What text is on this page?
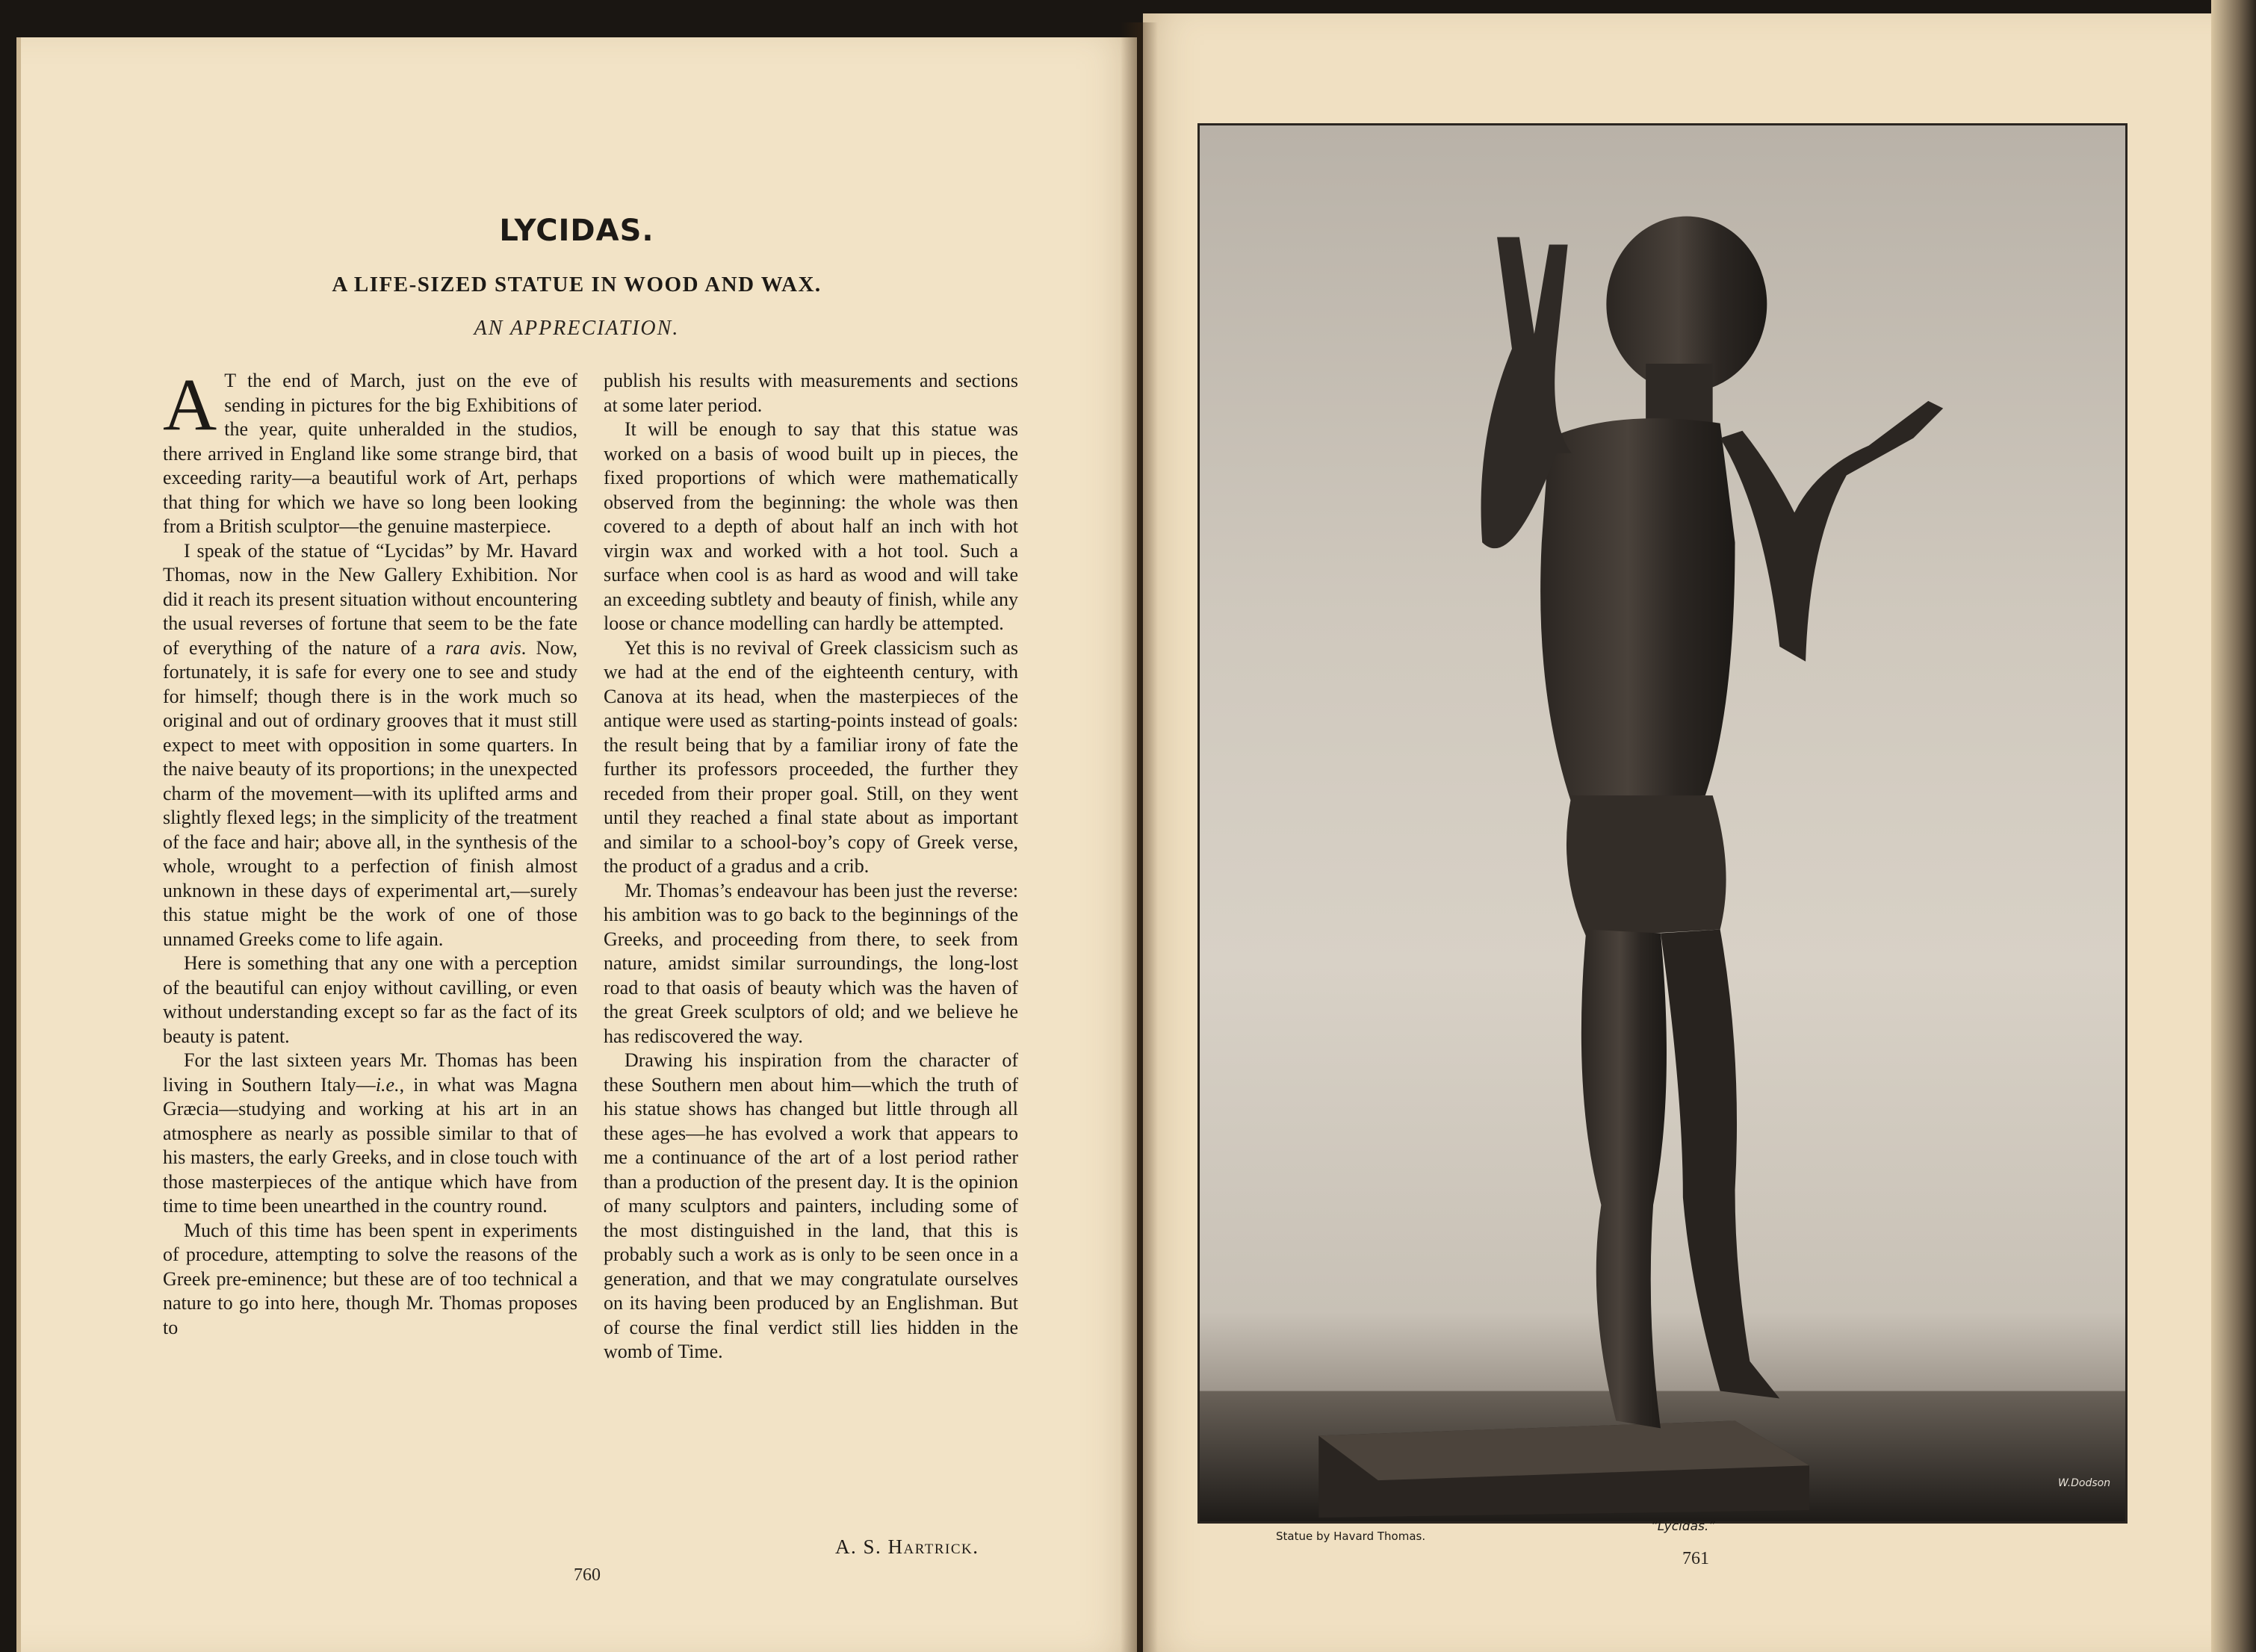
LYCIDAS.
A LIFE-SIZED STATUE IN WOOD AND WAX.
AN APPRECIATION.

A T the end of March, just on the eve of sending in pictures for the big Exhibitions of the year, quite unheralded in the studios, there arrived in England like some strange bird, that exceeding rarity—a beautiful work of Art, perhaps that thing for which we have so long been looking from a British sculptor—the genuine masterpiece.

I speak of the statue of “Lycidas” by Mr. Havard Thomas, now in the New Gallery Exhibition. Nor did it reach its present situation without encountering the usual reverses of fortune that seem to be the fate of everything of the nature of a rara avis. Now, fortunately, it is safe for every one to see and study for himself; though there is in the work much so original and out of ordinary grooves that it must still expect to meet with opposition in some quarters. In the naive beauty of its proportions; in the unexpected charm of the movement—with its uplifted arms and slightly flexed legs; in the simplicity of the treatment of the face and hair; above all, in the synthesis of the whole, wrought to a perfection of finish almost unknown in these days of experimental art,—surely this statue might be the work of one of those unnamed Greeks come to life again.

Here is something that any one with a perception of the beautiful can enjoy without cavilling, or even without understanding except so far as the fact of its beauty is patent.

For the last sixteen years Mr. Thomas has been living in Southern Italy—i.e., in what was Magna Græcia—studying and working at his art in an atmosphere as nearly as possible similar to that of his masters, the early Greeks, and in close touch with those masterpieces of the antique which have from time to time been unearthed in the country round.

Much of this time has been spent in experiments of procedure, attempting to solve the reasons of the Greek pre-eminence; but these are of too technical a nature to go into here, though Mr. Thomas proposes to

publish his results with measurements and sections at some later period.

It will be enough to say that this statue was worked on a basis of wood built up in pieces, the fixed proportions of which were mathematically observed from the beginning: the whole was then covered to a depth of about half an inch with hot virgin wax and worked with a hot tool. Such a surface when cool is as hard as wood and will take an exceeding subtlety and beauty of finish, while any loose or chance modelling can hardly be attempted.

Yet this is no revival of Greek classicism such as we had at the end of the eighteenth century, with Canova at its head, when the masterpieces of the antique were used as starting-points instead of goals: the result being that by a familiar irony of fate the further its professors proceeded, the further they receded from their proper goal. Still, on they went until they reached a final state about as important and similar to a school-boy’s copy of Greek verse, the product of a gradus and a crib.

Mr. Thomas’s endeavour has been just the reverse: his ambition was to go back to the beginnings of the Greeks, and proceeding from there, to seek from nature, amidst similar surroundings, the long-lost road to that oasis of beauty which was the haven of the great Greek sculptors of old; and we believe he has rediscovered the way.

Drawing his inspiration from the character of these Southern men about him—which the truth of his statue shows has changed but little through all these ages—he has evolved a work that appears to me a continuance of the art of a lost period rather than a production of the present day. It is the opinion of many sculptors and painters, including some of the most distinguished in the land, that this is probably such a work as is only to be seen once in a generation, and that we may congratulate ourselves on its having been produced by an Englishman. But of course the final verdict still lies hidden in the womb of Time.

A. S. Hartrick.
760
W.Dodson
Statue by Havard Thomas.
“Lycidas.”
761
